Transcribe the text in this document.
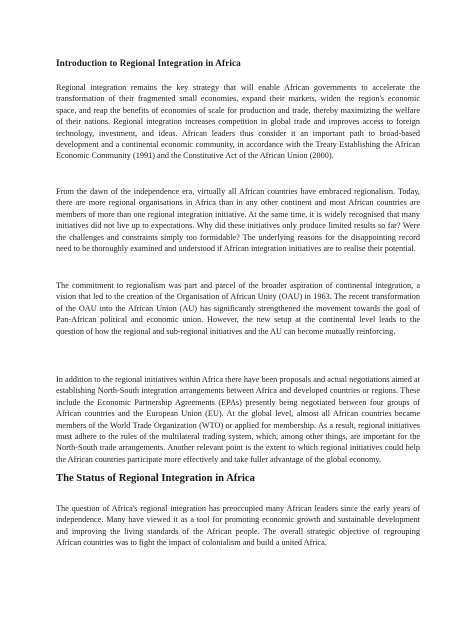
Introduction to Regional Integration in Africa

Regional integration remains the key strategy that will enable African governments to accelerate the transformation of their fragmented small economies, expand their markets, widen the region's economic space, and reap the benefits of economies of scale for production and trade, thereby maximizing the welfare of their nations. Regional integration increases competition in global trade and improves access to foreign technology, investment, and ideas. African leaders thus consider it an important path to broad-based development and a continental economic community, in accordance with the Treaty Establishing the African Economic Community (1991) and the Constitutive Act of the African Union (2000).

From the dawn of the independence era, virtually all African countries have embraced regionalism. Today, there are more regional organisations in Africa than in any other continent and most African countries are members of more than one regional integration initiative. At the same time, it is widely recognised that many initiatives did not live up to expectations. Why did these initiatives only produce limited results so far? Were the challenges and constraints simply too formidable? The underlying reasons for the disappointing record need to be thoroughly examined and understood if African integration initiatives are to realise their potential.

The commitment to regionalism was part and parcel of the broader aspiration of continental integration, a vision that led to the creation of the Organisation of African Unity (OAU) in 1963. The recent transformation of the OAU into the African Union (AU) has significantly strengthened the movement towards the goal of Pan-African political and economic union. However, the new setup at the continental level leads to the question of how the regional and sub-regional initiatives and the AU can become mutually reinforcing.

In addition to the regional initiatives within Africa there have been proposals and actual negotiations aimed at establishing North-South integration arrangements between Africa and developed countries or regions. These include the Economic Partnership Agreements (EPAs) presently being negotiated between four groups of African countries and the European Union (EU). At the global level, almost all African countries became members of the World Trade Organization (WTO) or applied for membership. As a result, regional initiatives must adhere to the rules of the multilateral trading system, which, among other things, are important for the North-South trade arrangements. Another relevant point is the extent to which regional initiatives could help the African countries participate more effectively and take fuller advantage of the global economy.

The Status of Regional Integration in Africa

The question of Africa's regional integration has preoccupied many African leaders since the early years of independence. Many have viewed it as a tool for promoting economic growth and sustainable development and improving the living standards of the African people. The overall strategic objective of regrouping African countries was to fight the impact of colonialism and build a united Africa.
